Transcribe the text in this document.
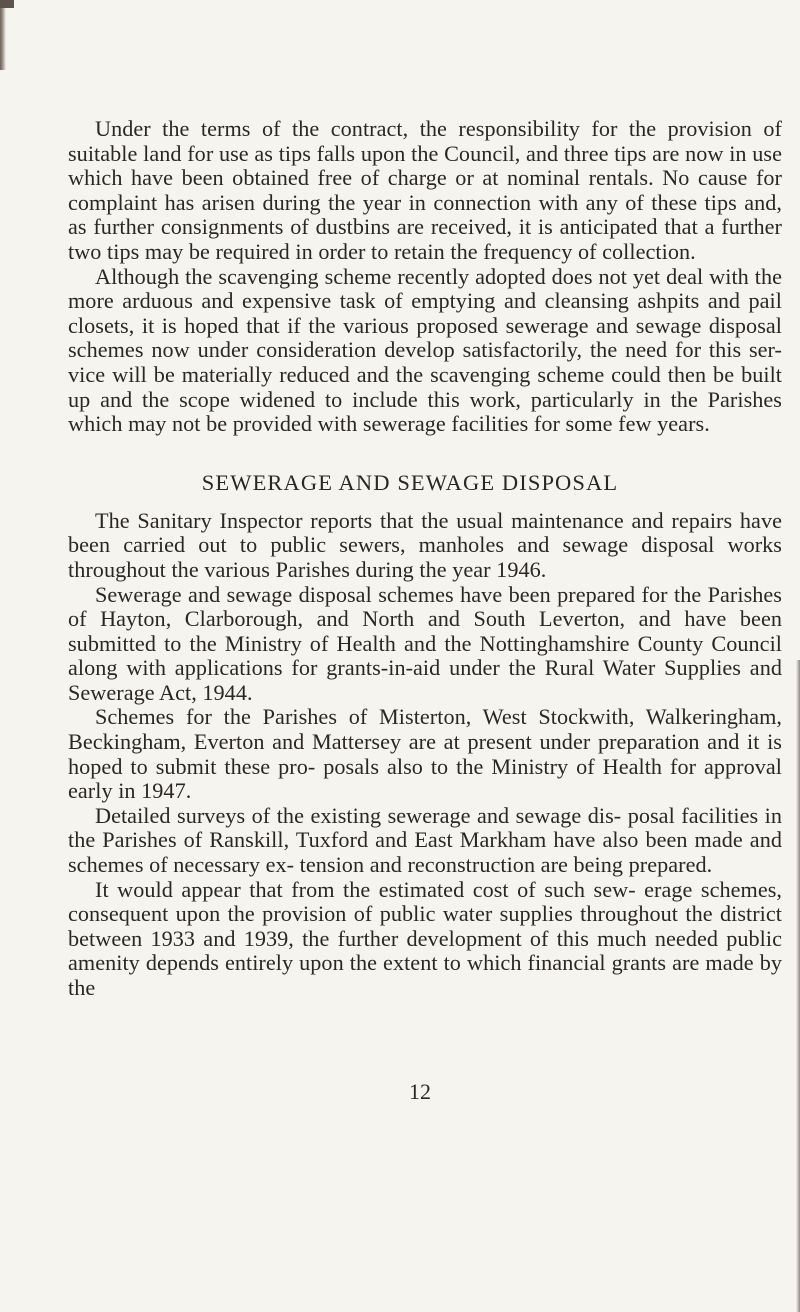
Under the terms of the contract, the responsibility for the provision of suitable land for use as tips falls upon the Council, and three tips are now in use which have been obtained free of charge or at nominal rentals. No cause for complaint has arisen during the year in connection with any of these tips and, as further consignments of dustbins are received, it is anticipated that a further two tips may be required in order to retain the frequency of collection.

Although the scavenging scheme recently adopted does not yet deal with the more arduous and expensive task of emptying and cleansing ashpits and pail closets, it is hoped that if the various proposed sewerage and sewage disposal schemes now under consideration develop satisfactorily, the need for this ser- vice will be materially reduced and the scavenging scheme could then be built up and the scope widened to include this work, particularly in the Parishes which may not be provided with sewerage facilities for some few years.

SEWERAGE AND SEWAGE DISPOSAL

The Sanitary Inspector reports that the usual maintenance and repairs have been carried out to public sewers, manholes and sewage disposal works throughout the various Parishes during the year 1946.

Sewerage and sewage disposal schemes have been prepared for the Parishes of Hayton, Clarborough, and North and South Leverton, and have been submitted to the Ministry of Health and the Nottinghamshire County Council along with applications for grants-in-aid under the Rural Water Supplies and Sewerage Act, 1944.

Schemes for the Parishes of Misterton, West Stockwith, Walkeringham, Beckingham, Everton and Mattersey are at present under preparation and it is hoped to submit these pro- posals also to the Ministry of Health for approval early in 1947.

Detailed surveys of the existing sewerage and sewage dis- posal facilities in the Parishes of Ranskill, Tuxford and East Markham have also been made and schemes of necessary ex- tension and reconstruction are being prepared.

It would appear that from the estimated cost of such sew- erage schemes, consequent upon the provision of public water supplies throughout the district between 1933 and 1939, the further development of this much needed public amenity depends entirely upon the extent to which financial grants are made by the

12
